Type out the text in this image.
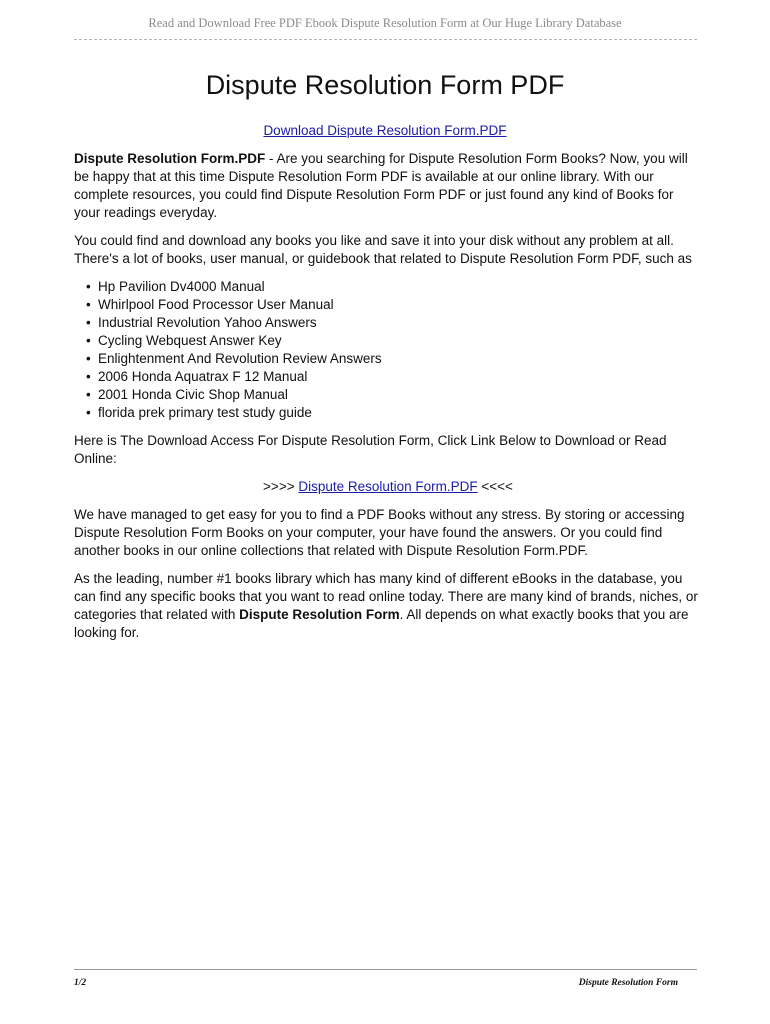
Read and Download Free PDF Ebook Dispute Resolution Form at Our Huge Library Database
Dispute Resolution Form PDF
Download Dispute Resolution Form.PDF

Dispute Resolution Form.PDF - Are you searching for Dispute Resolution Form Books? Now, you will be happy that at this time Dispute Resolution Form PDF is available at our online library. With our complete resources, you could find Dispute Resolution Form PDF or just found any kind of Books for your readings everyday.

You could find and download any books you like and save it into your disk without any problem at all. There's a lot of books, user manual, or guidebook that related to Dispute Resolution Form PDF, such as

• Hp Pavilion Dv4000 Manual
• Whirlpool Food Processor User Manual
• Industrial Revolution Yahoo Answers
• Cycling Webquest Answer Key
• Enlightenment And Revolution Review Answers
• 2006 Honda Aquatrax F 12 Manual
• 2001 Honda Civic Shop Manual
• florida prek primary test study guide

Here is The Download Access For Dispute Resolution Form, Click Link Below to Download or Read Online:

>>>> Dispute Resolution Form.PDF <<<<

We have managed to get easy for you to find a PDF Books without any stress. By storing or accessing Dispute Resolution Form Books on your computer, your have found the answers. Or you could find another books in our online collections that related with Dispute Resolution Form.PDF.

As the leading, number #1 books library which has many kind of different eBooks in the database, you can find any specific books that you want to read online today. There are many kind of brands, niches, or categories that related with Dispute Resolution Form. All depends on what exactly books that you are looking for.

1/2	Dispute Resolution Form
